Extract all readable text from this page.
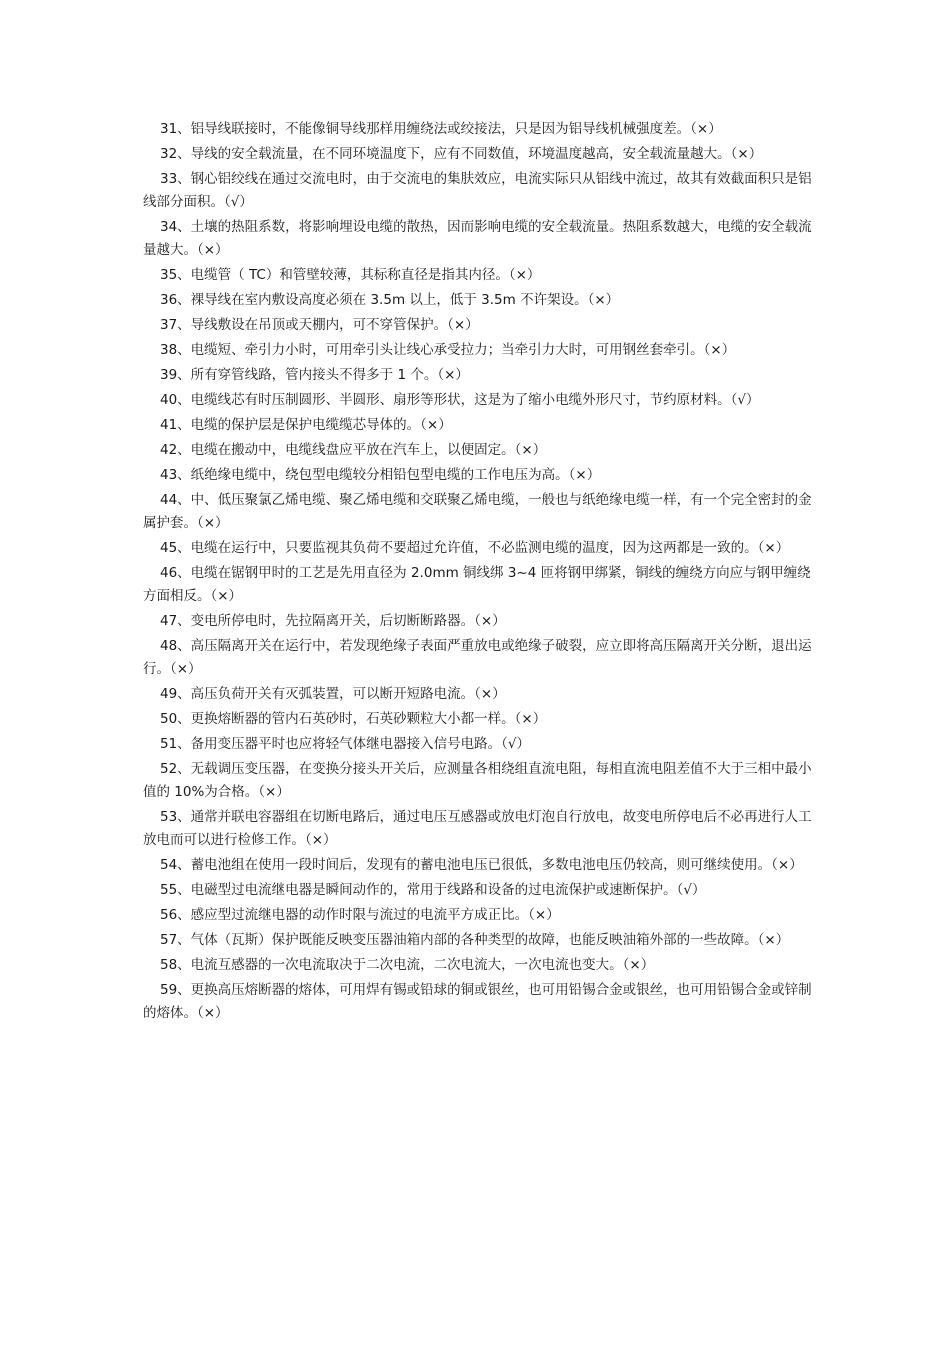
31、铝导线联接时，不能像铜导线那样用缠绕法或绞接法，只是因为铝导线机械强度差。（×）

32、导线的安全载流量，在不同环境温度下，应有不同数值，环境温度越高，安全载流量越大。（×）

33、钢心铝绞线在通过交流电时，由于交流电的集肤效应，电流实际只从铝线中流过，故其有效截面积只是铝线部分面积。（√）

34、土壤的热阻系数，将影响埋设电缆的散热，因而影响电缆的安全载流量。热阻系数越大，电缆的安全载流量越大。（×）

35、电缆管（ TC）和管壁较薄，其标称直径是指其内径。（×）

36、裸导线在室内敷设高度必须在 3.5m 以上，低于 3.5m 不许架设。（×）

37、导线敷设在吊顶或天棚内，可不穿管保护。（×）

38、电缆短、牵引力小时，可用牵引头让线心承受拉力；当牵引力大时，可用钢丝套牵引。（×）

39、所有穿管线路，管内接头不得多于 1 个。（×）

40、电缆线芯有时压制圆形、半圆形、扇形等形状，这是为了缩小电缆外形尺寸，节约原材料。（√）

41、电缆的保护层是保护电缆缆芯导体的。（×）

42、电缆在搬动中，电缆线盘应平放在汽车上，以便固定。（×）

43、纸绝缘电缆中，绕包型电缆较分相铅包型电缆的工作电压为高。（×）

44、中、低压聚氯乙烯电缆、聚乙烯电缆和交联聚乙烯电缆，一般也与纸绝缘电缆一样，有一个完全密封的金属护套。（×）

45、电缆在运行中，只要监视其负荷不要超过允许值，不必监测电缆的温度，因为这两都是一致的。（×）

46、电缆在锯钢甲时的工艺是先用直径为 2.0mm 铜线绑 3~4 匝将钢甲绑紧，铜线的缠绕方向应与钢甲缠绕方面相反。（×）

47、变电所停电时，先拉隔离开关，后切断断路器。（×）

48、高压隔离开关在运行中，若发现绝缘子表面严重放电或绝缘子破裂，应立即将高压隔离开关分断，退出运行。（×）

49、高压负荷开关有灭弧装置，可以断开短路电流。（×）

50、更换熔断器的管内石英砂时，石英砂颗粒大小都一样。（×）

51、备用变压器平时也应将轻气体继电器接入信号电路。（√）

52、无载调压变压器，在变换分接头开关后，应测量各相绕组直流电阻，每相直流电阻差值不大于三相中最小值的 10%为合格。（×）

53、通常并联电容器组在切断电路后，通过电压互感器或放电灯泡自行放电，故变电所停电后不必再进行人工放电而可以进行检修工作。（×）

54、蓄电池组在使用一段时间后，发现有的蓄电池电压已很低，多数电池电压仍较高，则可继续使用。（×）

55、电磁型过电流继电器是瞬间动作的，常用于线路和设备的过电流保护或速断保护。（√）

56、感应型过流继电器的动作时限与流过的电流平方成正比。（×）

57、气体（瓦斯）保护既能反映变压器油箱内部的各种类型的故障，也能反映油箱外部的一些故障。（×）

58、电流互感器的一次电流取决于二次电流，二次电流大，一次电流也变大。（×）

59、更换高压熔断器的熔体，可用焊有锡或铅球的铜或银丝，也可用铅锡合金或银丝，也可用铅锡合金或锌制的熔体。（×）
